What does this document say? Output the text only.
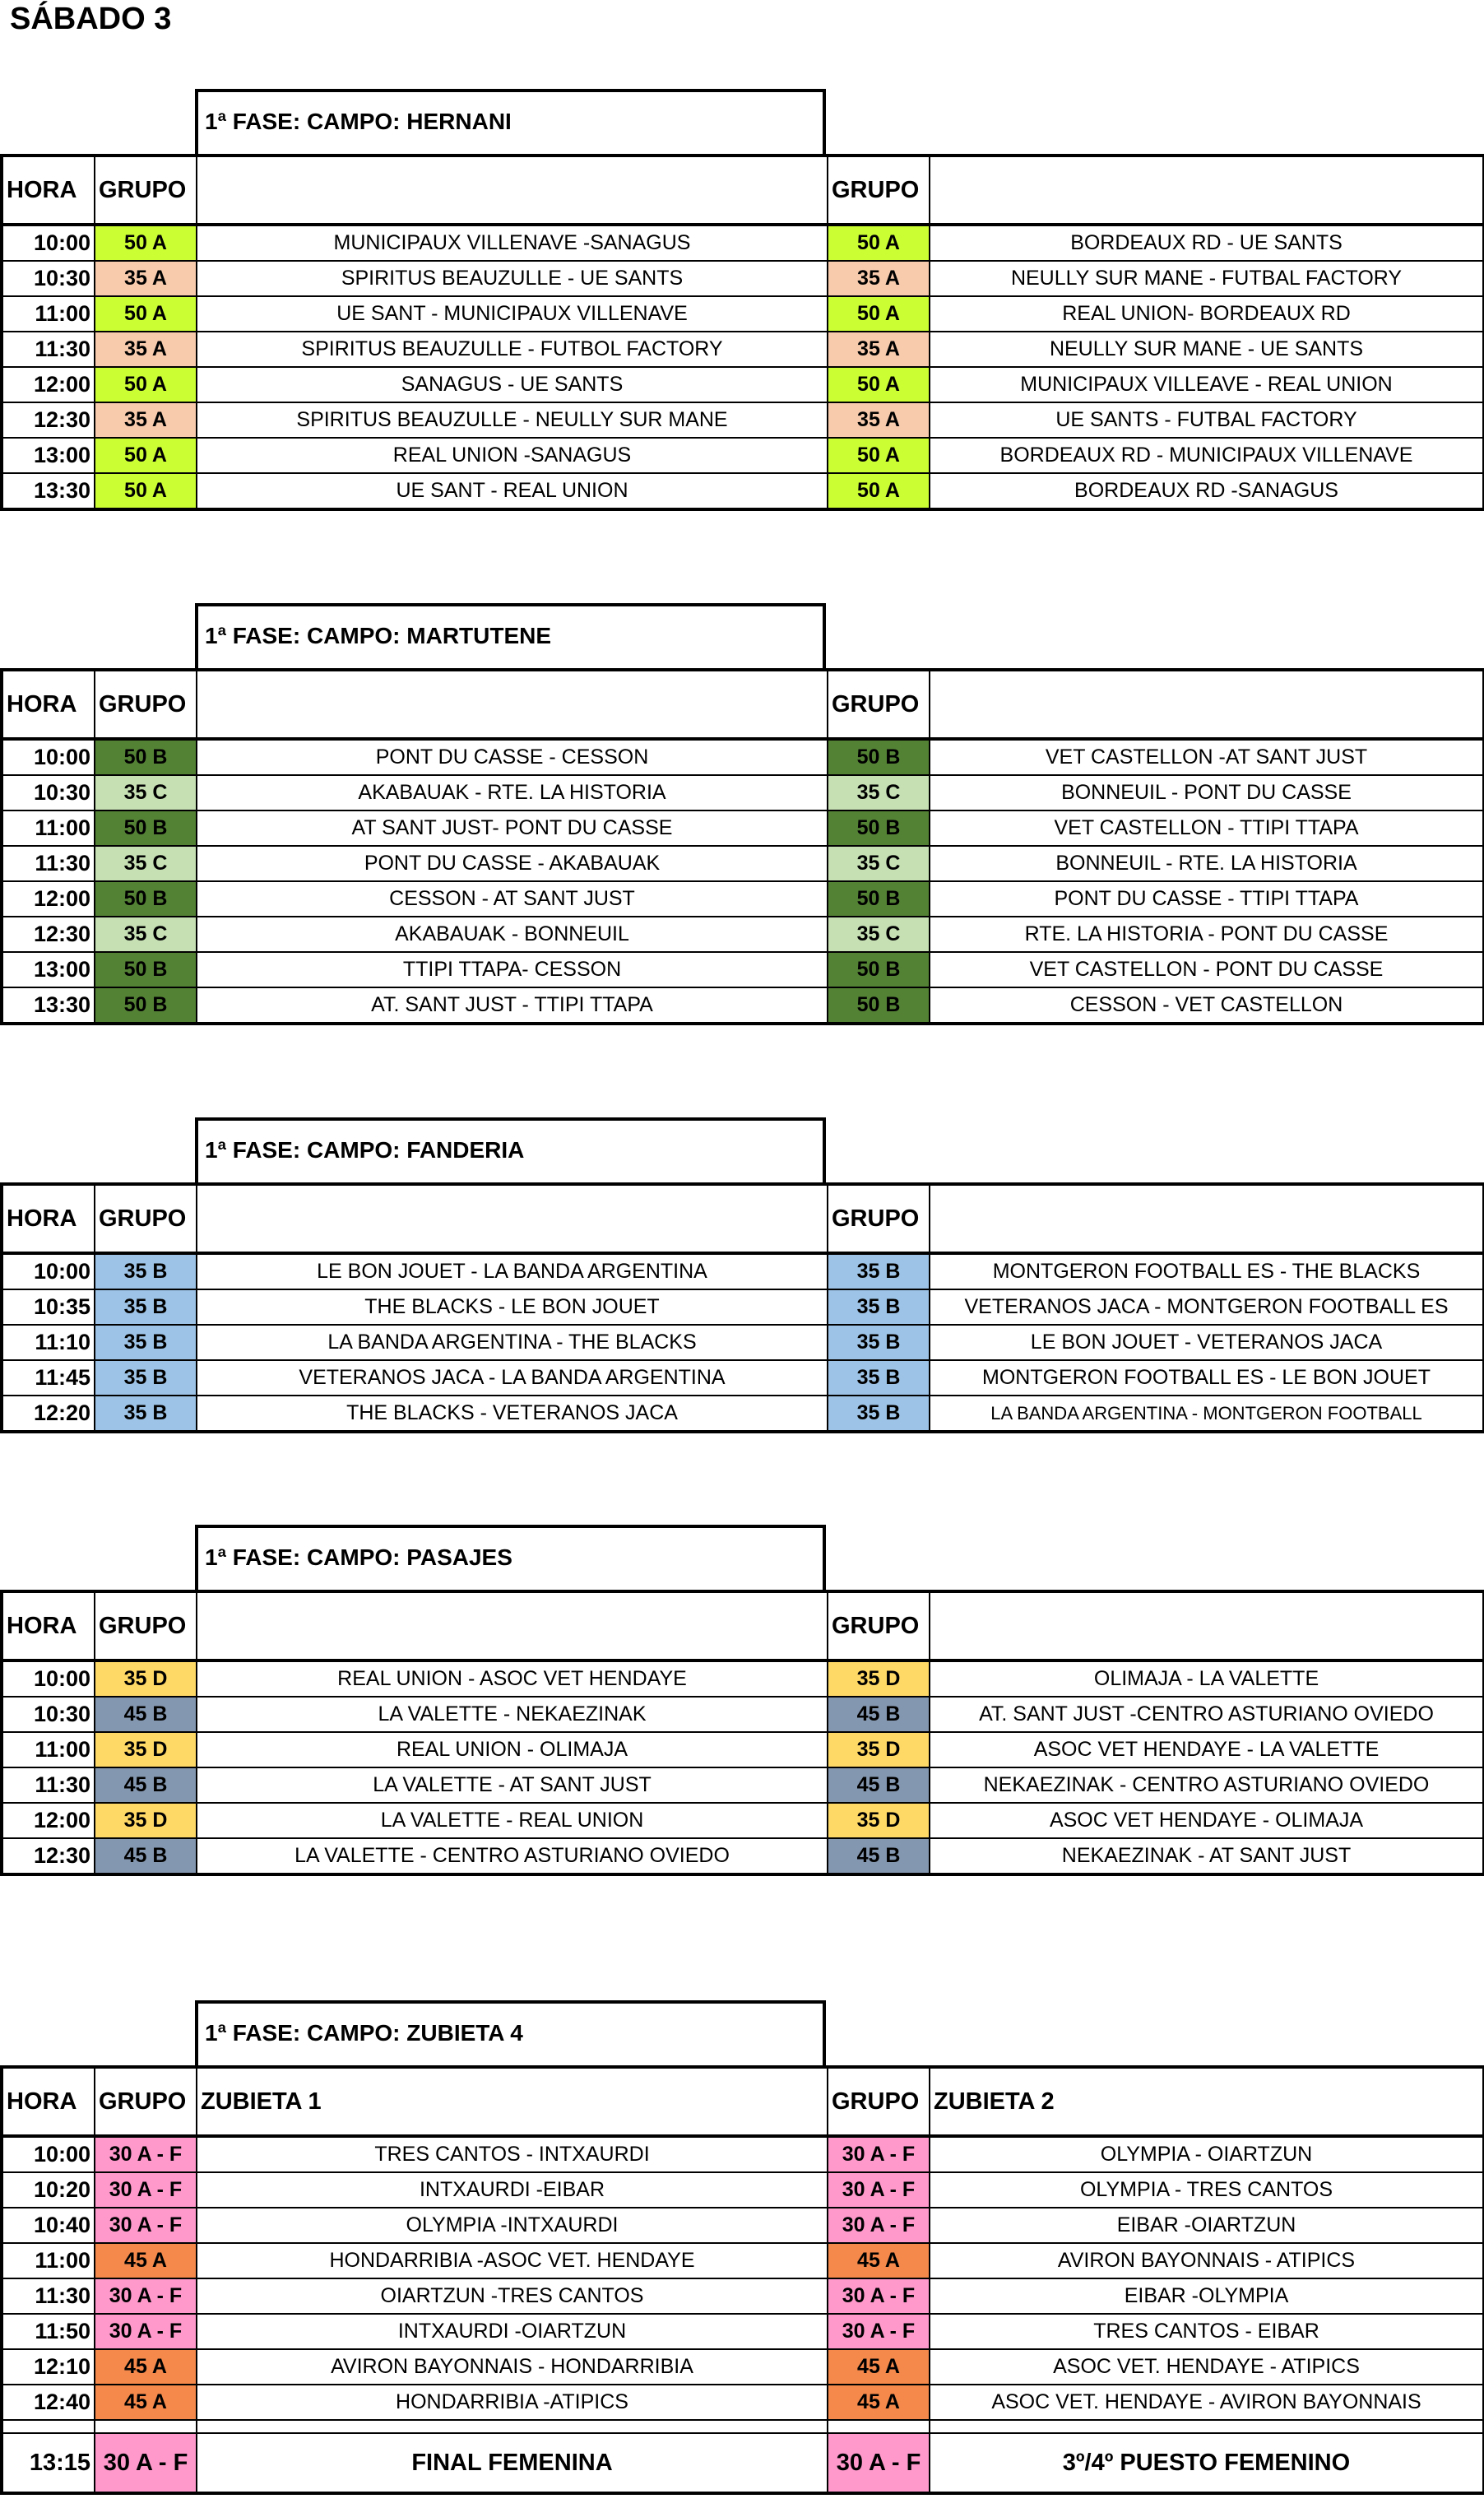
SÁBADO 3
1ª FASE: CAMPO: HERNANI
HORA	GRUPO		GRUPO	
10:00	50 A	MUNICIPAUX VILLENAVE -SANAGUS	50 A	BORDEAUX RD - UE SANTS
10:30	35 A	SPIRITUS BEAUZULLE - UE SANTS	35 A	NEULLY SUR MANE - FUTBAL FACTORY
11:00	50 A	UE SANT - MUNICIPAUX VILLENAVE	50 A	REAL UNION- BORDEAUX RD
11:30	35 A	SPIRITUS BEAUZULLE - FUTBOL FACTORY	35 A	NEULLY SUR MANE - UE SANTS
12:00	50 A	SANAGUS - UE SANTS	50 A	MUNICIPAUX VILLEAVE - REAL UNION
12:30	35 A	SPIRITUS BEAUZULLE - NEULLY SUR MANE	35 A	UE SANTS - FUTBAL FACTORY
13:00	50 A	REAL UNION -SANAGUS	50 A	BORDEAUX RD - MUNICIPAUX VILLENAVE
13:30	50 A	UE SANT - REAL UNION	50 A	BORDEAUX RD -SANAGUS
1ª FASE: CAMPO: MARTUTENE
HORA	GRUPO		GRUPO	
10:00	50 B	PONT DU CASSE - CESSON	50 B	VET CASTELLON -AT SANT JUST
10:30	35 C	AKABAUAK - RTE. LA HISTORIA	35 C	BONNEUIL - PONT DU CASSE
11:00	50 B	AT SANT JUST- PONT DU CASSE	50 B	VET CASTELLON - TTIPI TTAPA
11:30	35 C	PONT DU CASSE - AKABAUAK	35 C	BONNEUIL - RTE. LA HISTORIA
12:00	50 B	CESSON - AT SANT JUST	50 B	PONT DU CASSE - TTIPI TTAPA
12:30	35 C	AKABAUAK - BONNEUIL	35 C	RTE. LA HISTORIA - PONT DU CASSE
13:00	50 B	TTIPI TTAPA- CESSON	50 B	VET CASTELLON - PONT DU CASSE
13:30	50 B	AT. SANT JUST - TTIPI TTAPA	50 B	CESSON - VET CASTELLON
1ª FASE: CAMPO: FANDERIA
HORA	GRUPO		GRUPO	
10:00	35 B	LE BON JOUET - LA BANDA ARGENTINA	35 B	MONTGERON FOOTBALL ES - THE BLACKS
10:35	35 B	THE BLACKS - LE BON JOUET	35 B	VETERANOS JACA - MONTGERON FOOTBALL ES
11:10	35 B	LA BANDA ARGENTINA - THE BLACKS	35 B	LE BON JOUET - VETERANOS JACA
11:45	35 B	VETERANOS JACA - LA BANDA ARGENTINA	35 B	MONTGERON FOOTBALL ES - LE BON JOUET
12:20	35 B	THE BLACKS - VETERANOS JACA	35 B	LA BANDA ARGENTINA - MONTGERON FOOTBALL
1ª FASE: CAMPO: PASAJES
HORA	GRUPO		GRUPO	
10:00	35 D	REAL UNION - ASOC VET HENDAYE	35 D	OLIMAJA - LA VALETTE
10:30	45 B	LA VALETTE - NEKAEZINAK	45 B	AT. SANT JUST -CENTRO ASTURIANO OVIEDO
11:00	35 D	REAL UNION - OLIMAJA	35 D	ASOC VET HENDAYE - LA VALETTE
11:30	45 B	LA VALETTE - AT SANT JUST	45 B	NEKAEZINAK - CENTRO ASTURIANO OVIEDO
12:00	35 D	LA VALETTE - REAL UNION	35 D	ASOC VET HENDAYE - OLIMAJA
12:30	45 B	LA VALETTE - CENTRO ASTURIANO OVIEDO	45 B	NEKAEZINAK - AT SANT JUST
1ª FASE: CAMPO: ZUBIETA 4
HORA	GRUPO	ZUBIETA 1	GRUPO	ZUBIETA 2
10:00	30 A - F	TRES CANTOS - INTXAURDI	30 A - F	OLYMPIA - OIARTZUN
10:20	30 A - F	INTXAURDI -EIBAR	30 A - F	OLYMPIA - TRES CANTOS
10:40	30 A - F	OLYMPIA -INTXAURDI	30 A - F	EIBAR -OIARTZUN
11:00	45 A	HONDARRIBIA -ASOC VET. HENDAYE	45 A	AVIRON BAYONNAIS - ATIPICS
11:30	30 A - F	OIARTZUN -TRES CANTOS	30 A - F	EIBAR -OLYMPIA
11:50	30 A - F	INTXAURDI -OIARTZUN	30 A - F	TRES CANTOS - EIBAR
12:10	45 A	AVIRON BAYONNAIS - HONDARRIBIA	45 A	ASOC VET. HENDAYE - ATIPICS
12:40	45 A	HONDARRIBIA -ATIPICS	45 A	ASOC VET. HENDAYE - AVIRON BAYONNAIS

13:15	30 A - F	FINAL FEMENINA	30 A - F	3º/4º PUESTO FEMENINO
